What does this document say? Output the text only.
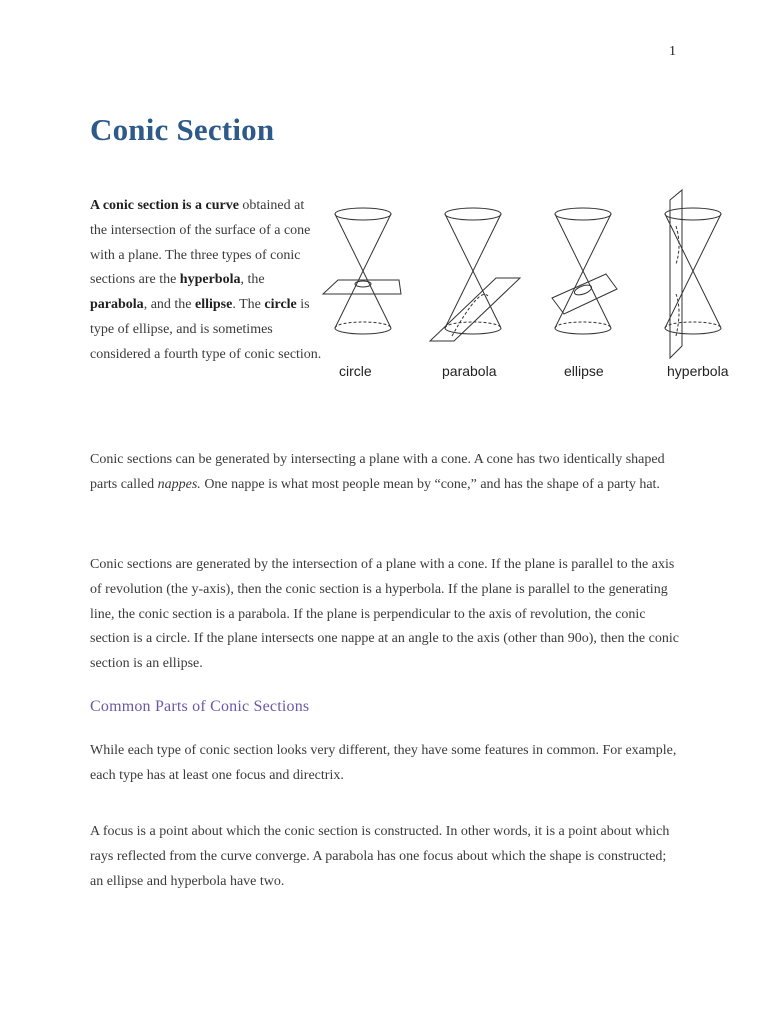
1
Conic Section

A conic section is a curve obtained at the intersection of the surface of a cone with a plane. The three types of conic sections are the hyperbola, the parabola, and the ellipse. The circle is type of ellipse, and is sometimes considered a fourth type of conic section.

circle	parabola	ellipse	hyperbola

Conic sections can be generated by intersecting a plane with a cone. A cone has two identically shaped parts called nappes. One nappe is what most people mean by “cone,” and has the shape of a party hat.

Conic sections are generated by the intersection of a plane with a cone. If the plane is parallel to the axis of revolution (the y-axis), then the conic section is a hyperbola. If the plane is parallel to the generating line, the conic section is a parabola. If the plane is perpendicular to the axis of revolution, the conic section is a circle. If the plane intersects one nappe at an angle to the axis (other than 90o), then the conic section is an ellipse.

Common Parts of Conic Sections

While each type of conic section looks very different, they have some features in common. For example, each type has at least one focus and directrix.

A focus is a point about which the conic section is constructed. In other words, it is a point about which rays reflected from the curve converge. A parabola has one focus about which the shape is constructed; an ellipse and hyperbola have two.
